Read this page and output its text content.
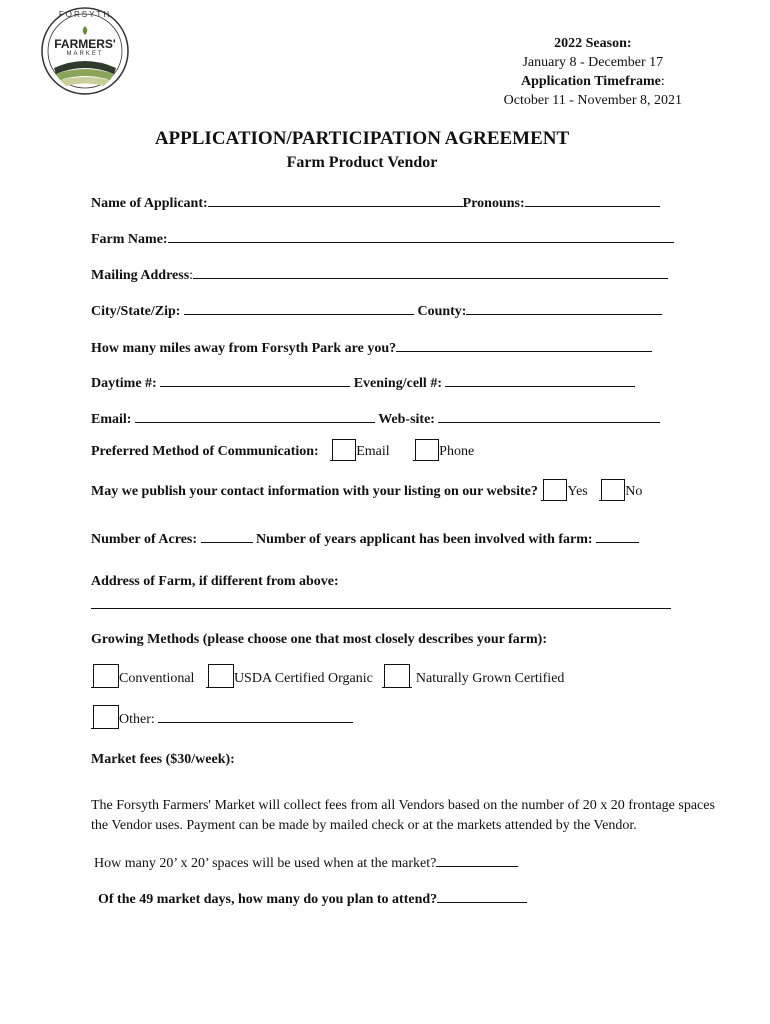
FORSYTH
FARMERS'
MARKET
2022 Season:
January 8 - December 17
Application Timeframe:
October 11 - November 8, 2021
APPLICATION/PARTICIPATION AGREEMENT
Farm Product Vendor
Name of Applicant:	Pronouns:
Farm Name:
Mailing Address:
City/State/Zip:	County:
How many miles away from Forsyth Park are you?
Daytime #:	Evening/cell #:
Email:	Web-site:
Preferred Method of Communication:	Email	Phone
May we publish your contact information with your listing on our website? Yes	No
Number of Acres:	Number of years applicant has been involved with farm:
Address of Farm, if different from above:
Growing Methods (please choose one that most closely describes your farm):

Conventional	USDA Certified Organic	Naturally Grown Certified

Other:
Market fees ($30/week):
The Forsyth Farmers' Market will collect fees from all Vendors based on the number of 20 x 20 frontage spaces the Vendor uses. Payment can be made by mailed check or at the markets attended by the Vendor.
How many 20’ x 20’ spaces will be used when at the market?
Of the 49 market days, how many do you plan to attend?
